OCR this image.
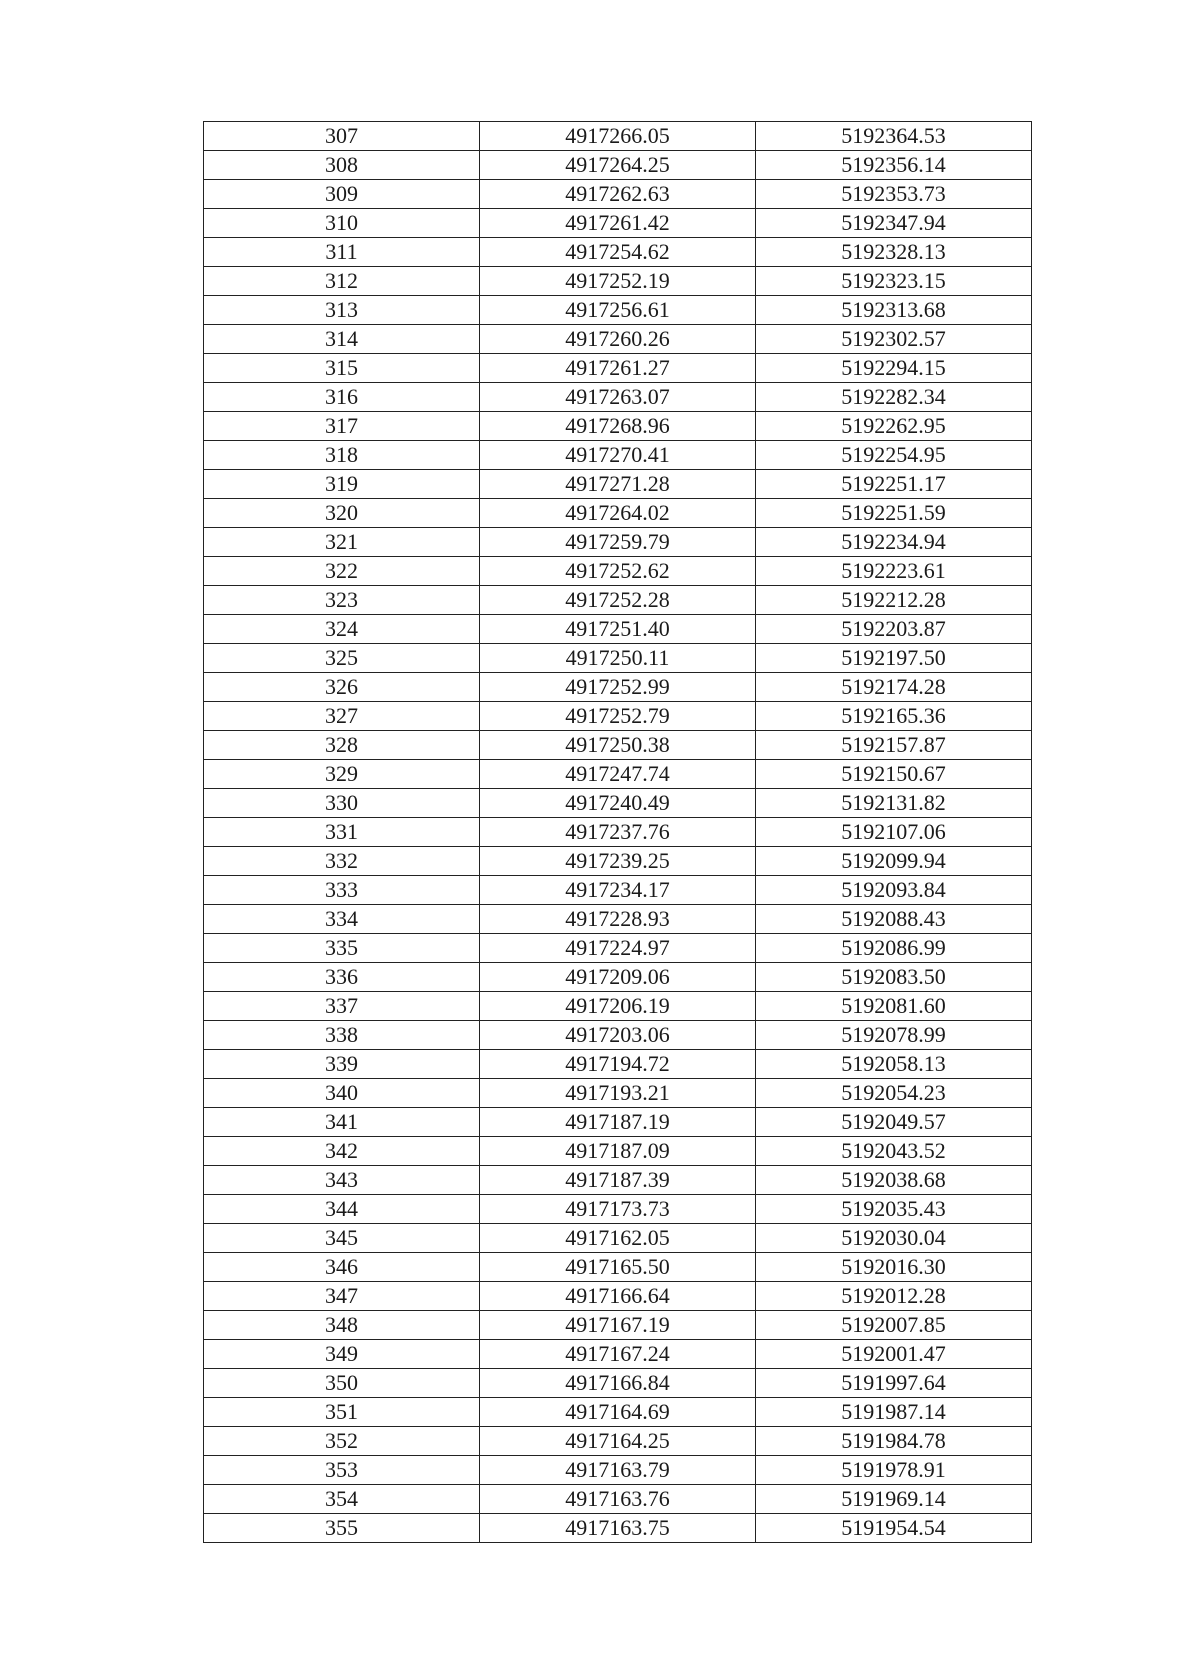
307	4917266.05	5192364.53
308	4917264.25	5192356.14
309	4917262.63	5192353.73
310	4917261.42	5192347.94
311	4917254.62	5192328.13
312	4917252.19	5192323.15
313	4917256.61	5192313.68
314	4917260.26	5192302.57
315	4917261.27	5192294.15
316	4917263.07	5192282.34
317	4917268.96	5192262.95
318	4917270.41	5192254.95
319	4917271.28	5192251.17
320	4917264.02	5192251.59
321	4917259.79	5192234.94
322	4917252.62	5192223.61
323	4917252.28	5192212.28
324	4917251.40	5192203.87
325	4917250.11	5192197.50
326	4917252.99	5192174.28
327	4917252.79	5192165.36
328	4917250.38	5192157.87
329	4917247.74	5192150.67
330	4917240.49	5192131.82
331	4917237.76	5192107.06
332	4917239.25	5192099.94
333	4917234.17	5192093.84
334	4917228.93	5192088.43
335	4917224.97	5192086.99
336	4917209.06	5192083.50
337	4917206.19	5192081.60
338	4917203.06	5192078.99
339	4917194.72	5192058.13
340	4917193.21	5192054.23
341	4917187.19	5192049.57
342	4917187.09	5192043.52
343	4917187.39	5192038.68
344	4917173.73	5192035.43
345	4917162.05	5192030.04
346	4917165.50	5192016.30
347	4917166.64	5192012.28
348	4917167.19	5192007.85
349	4917167.24	5192001.47
350	4917166.84	5191997.64
351	4917164.69	5191987.14
352	4917164.25	5191984.78
353	4917163.79	5191978.91
354	4917163.76	5191969.14
355	4917163.75	5191954.54
